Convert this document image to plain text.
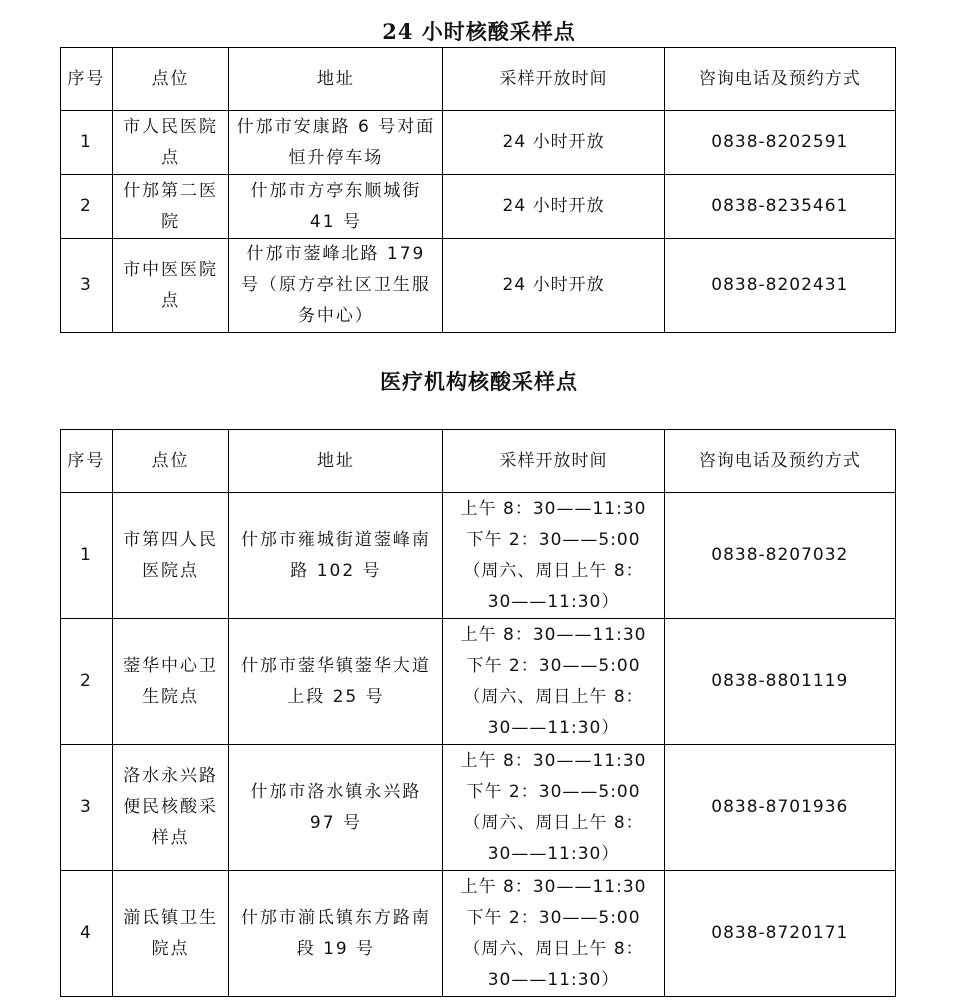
24 小时核酸采样点
序号	点位	地址	采样开放时间	咨询电话及预约方式
1	市人民医院点	什邡市安康路 6 号对面恒升停车场	24 小时开放	0838-8202591
2	什邡第二医院	什邡市方亭东顺城街 41 号	24 小时开放	0838-8235461
3	市中医医院点	什邡市蓥峰北路 179 号（原方亭社区卫生服务中心）	24 小时开放	0838-8202431
医疗机构核酸采样点
序号	点位	地址	采样开放时间	咨询电话及预约方式
1	市第四人民医院点	什邡市雍城街道蓥峰南路 102 号	上午 8：30——11:30
下午 2：30——5:00
（周六、周日上午 8：
30——11:30）	0838-8207032
2	蓥华中心卫生院点	什邡市蓥华镇蓥华大道上段 25 号	上午 8：30——11:30
下午 2：30——5:00
（周六、周日上午 8：
30——11:30）	0838-8801119
3	洛水永兴路便民核酸采样点	什邡市洛水镇永兴路 97 号	上午 8：30——11:30
下午 2：30——5:00
（周六、周日上午 8：
30——11:30）	0838-8701936
4	湔氐镇卫生院点	什邡市湔氐镇东方路南段 19 号	上午 8：30——11:30
下午 2：30——5:00
（周六、周日上午 8：
30——11:30）	0838-8720171
